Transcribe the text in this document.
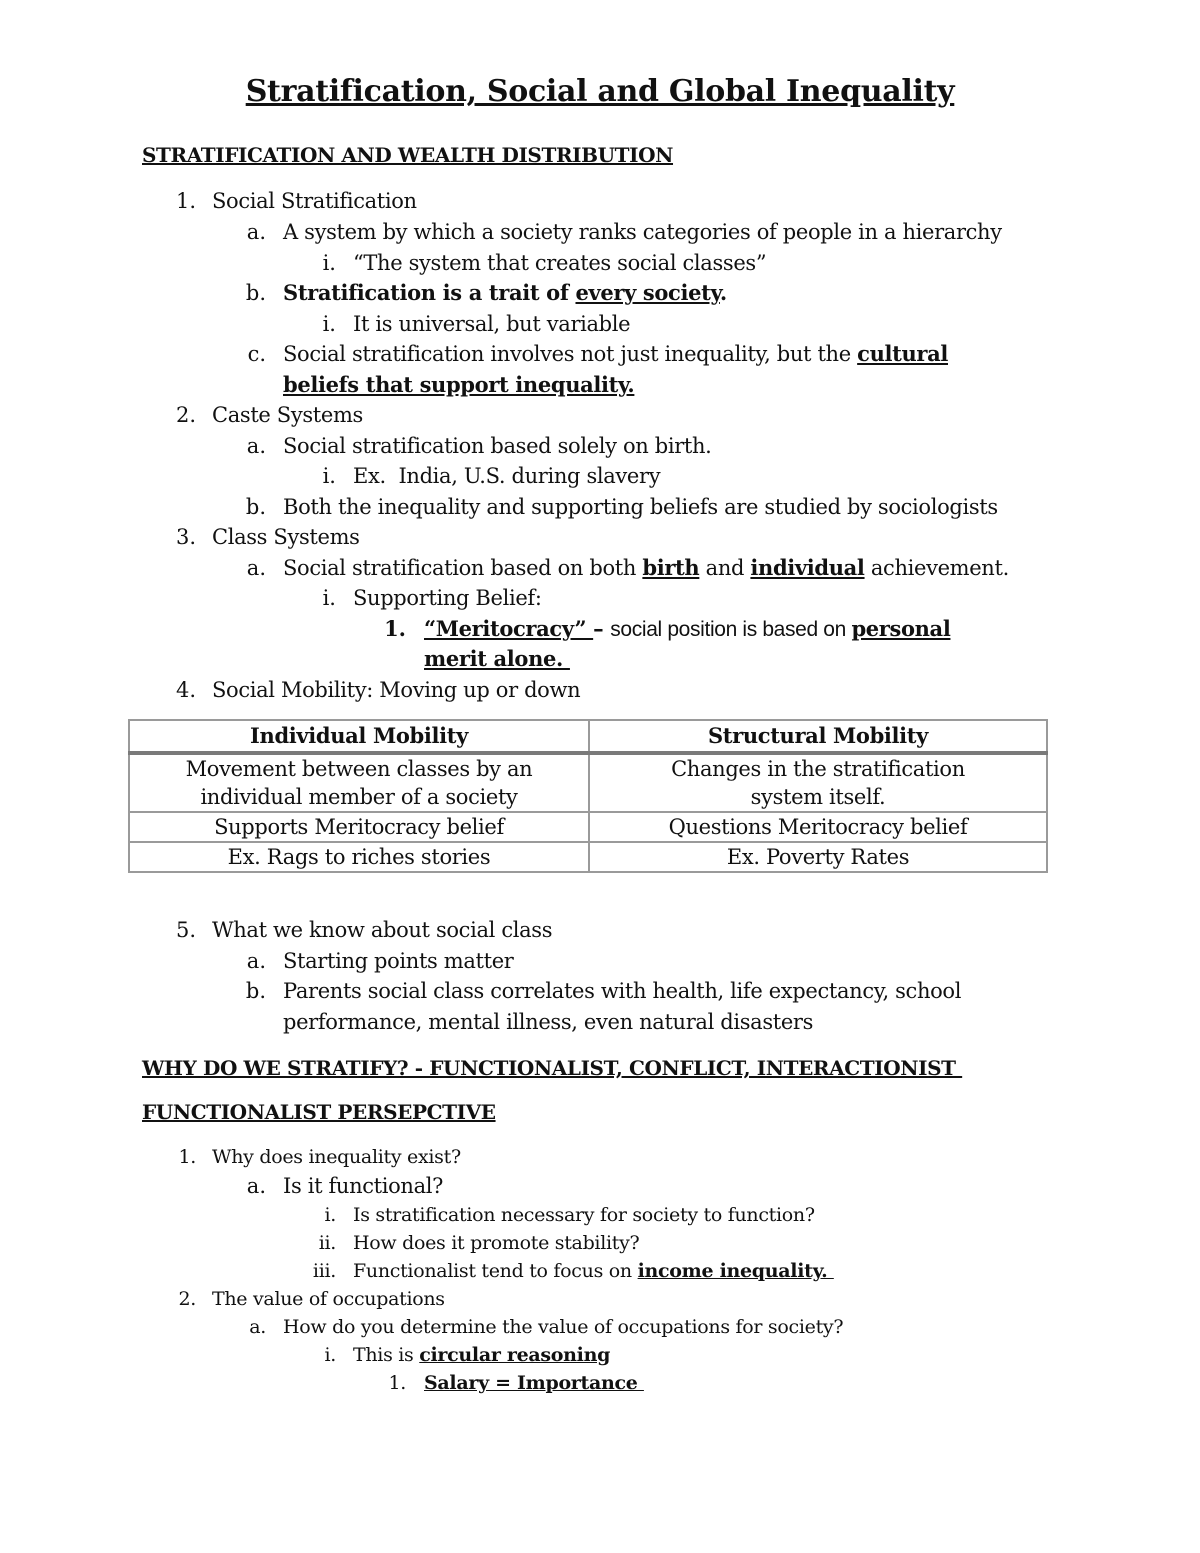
Stratification, Social and Global Inequality
STRATIFICATION AND WEALTH DISTRIBUTION
1. Social Stratification
a. A system by which a society ranks categories of people in a hierarchy
i. “The system that creates social classes”
b. Stratification is a trait of every society.
i. It is universal, but variable
c. Social stratification involves not just inequality, but the cultural
beliefs that support inequality.
2. Caste Systems
a. Social stratification based solely on birth.
i. Ex.  India, U.S. during slavery
b. Both the inequality and supporting beliefs are studied by sociologists
3. Class Systems
a. Social stratification based on both birth and individual achievement.
i. Supporting Belief:
1. “Meritocracy” – social position is based on personal
merit alone.
4. Social Mobility: Moving up or down
Individual Mobility	Structural Mobility
Movement between classes by an individual member of a society	Changes in the stratification system itself.
Supports Meritocracy belief	Questions Meritocracy belief
Ex. Rags to riches stories	Ex. Poverty Rates
5. What we know about social class
a. Starting points matter
b. Parents social class correlates with health, life expectancy, school
performance, mental illness, even natural disasters
WHY DO WE STRATIFY? - FUNCTIONALIST, CONFLICT, INTERACTIONIST
FUNCTIONALIST PERSEPCTIVE
1. Why does inequality exist?
a. Is it functional?
i. Is stratification necessary for society to function?
ii. How does it promote stability?
iii. Functionalist tend to focus on income inequality.
2. The value of occupations
a. How do you determine the value of occupations for society?
i. This is circular reasoning
1. Salary = Importance
